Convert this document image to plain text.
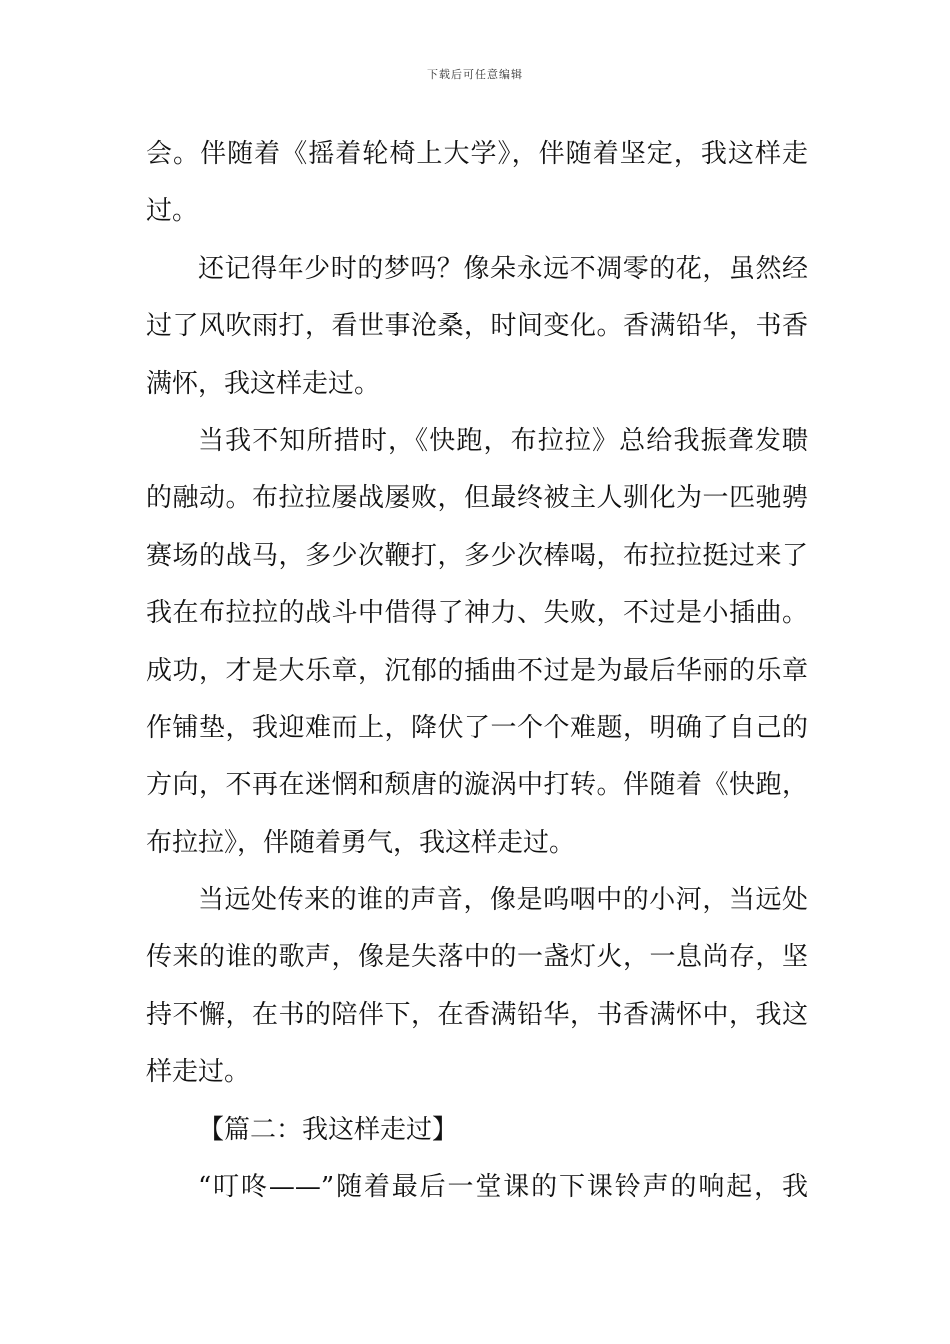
下载后可任意编辑
会。伴随着《摇着轮椅上大学》，伴随着坚定，我这样走
过。
还记得年少时的梦吗？像朵永远不凋零的花，虽然经
过了风吹雨打，看世事沧桑，时间变化。香满铅华，书香
满怀，我这样走过。
当我不知所措时，《快跑，布拉拉》总给我振聋发聩
的融动。布拉拉屡战屡败，但最终被主人驯化为一匹驰骋
赛场的战马，多少次鞭打，多少次棒喝，布拉拉挺过来了
我在布拉拉的战斗中借得了神力、失败，不过是小插曲。
成功，才是大乐章，沉郁的插曲不过是为最后华丽的乐章
作铺垫，我迎难而上，降伏了一个个难题，明确了自己的
方向，不再在迷惘和颓唐的漩涡中打转。伴随着《快跑，
布拉拉》，伴随着勇气，我这样走过。
当远处传来的谁的声音，像是呜咽中的小河，当远处
传来的谁的歌声，像是失落中的一盏灯火，一息尚存，坚
持不懈，在书的陪伴下，在香满铅华，书香满怀中，我这
样走过。
【篇二：我这样走过】
“叮咚——”随着最后一堂课的下课铃声的响起，我
